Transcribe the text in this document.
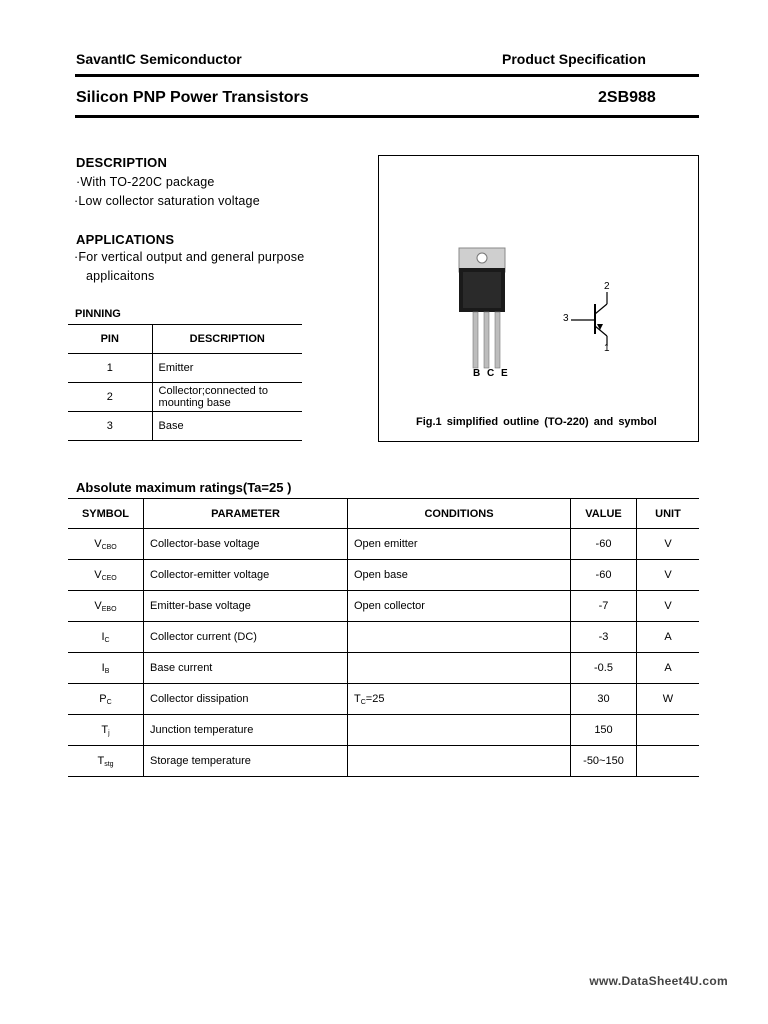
SavantIC Semiconductor	Product Specification
Silicon PNP Power Transistors	2SB988
DESCRIPTION
·With TO-220C package
·Low collector saturation voltage
APPLICATIONS
·For vertical output and general purpose
applicaitons
PINNING
PIN	DESCRIPTION
1	Emitter
2	Collector;connected to mounting base
3	Base
B C E
2
3
1
Fig.1 simplified outline (TO-220) and symbol
Absolute maximum ratings(Ta=25 )
SYMBOL	PARAMETER	CONDITIONS	VALUE	UNIT
$V_{CBO}$	Collector-base voltage	Open emitter	-60	V
$V_{CEO}$	Collector-emitter voltage	Open base	-60	V
$V_{EBO}$	Emitter-base voltage	Open collector	-7	V
$I_C$	Collector current (DC)		-3	A
$I_B$	Base current		-0.5	A
$P_C$	Collector dissipation	$T_C=25$	30	W
$T_j$	Junction temperature		150	
$T_{stg}$	Storage temperature		-50~150	
www.DataSheet4U.com
